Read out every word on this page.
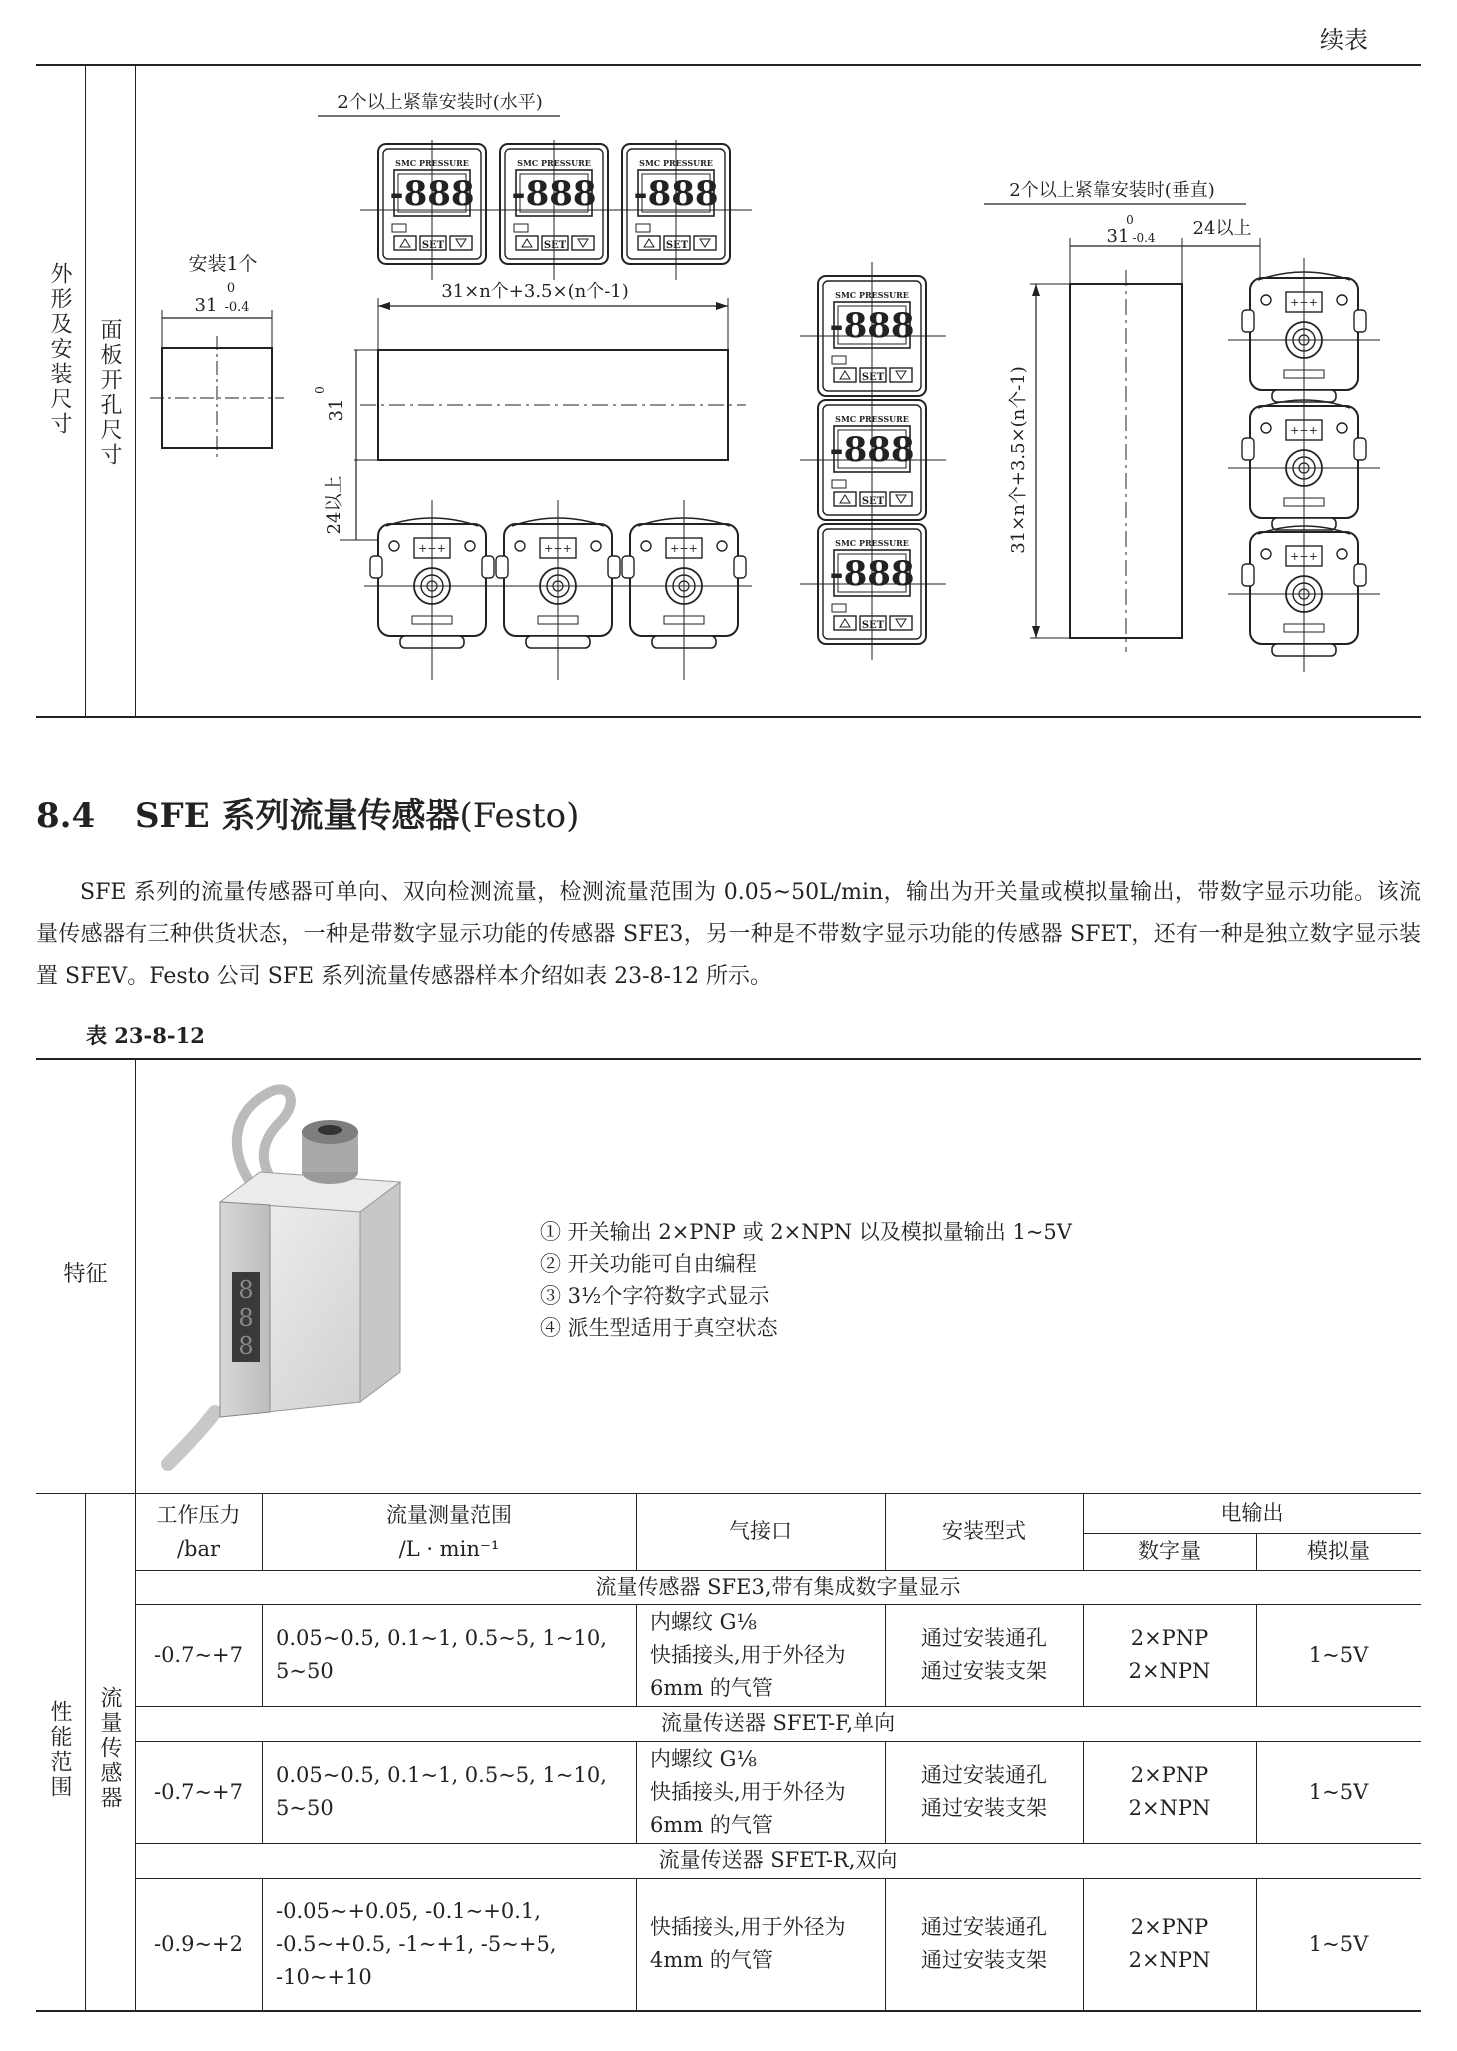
续表
外形及安装尺寸 面板开孔尺寸
安装1个
0
31 -0.4
2个以上紧靠安装时(水平)
31×n个+3.5×(n个-1)
31
0
24以上
2个以上紧靠安装时(垂直)
0
31 -0.4 24以上
31×n个+3.5×(n个-1)
8.4 SFE 系列流量传感器(Festo)
SFE 系列的流量传感器可单向、双向检测流量，检测流量范围为 0.05~50L/min，输出为开关量或模拟量输出，带数字显示功能。该流量传感器有三种供货状态，一种是带数字显示功能的传感器 SFE3，另一种是不带数字显示功能的传感器 SFET，还有一种是独立数字显示装置 SFEV。Festo 公司 SFE 系列流量传感器样本介绍如表 23-8-12 所示。
表 23-8-12
特征
8
8
8
① 开关输出 2×PNP 或 2×NPN 以及模拟量输出 1~5V
② 开关功能可自由编程
③ 3½个字符数字式显示
④ 派生型适用于真空状态
性能范围 流量传感器
工作压力
/bar
流量测量范围
/L · min⁻¹
气接口	安装型式
电输出
数字量	模拟量
流量传感器 SFE3,带有集成数字量显示
-0.7~+7
0.05~0.5, 0.1~1, 0.5~5, 1~10, 5~50
内螺纹 G⅛
快插接头,用于外径为 6mm 的气管
通过安装通孔
通过安装支架
2×PNP
2×NPN
1~5V
流量传送器 SFET-F,单向
-0.7~+7
0.05~0.5, 0.1~1, 0.5~5, 1~10, 5~50
内螺纹 G⅛
快插接头,用于外径为 6mm 的气管
通过安装通孔
通过安装支架
2×PNP
2×NPN
1~5V
流量传送器 SFET-R,双向
-0.9~+2
-0.05~+0.05, -0.1~+0.1, -0.5~+0.5, -1~+1, -5~+5, -10~+10
快插接头,用于外径为 4mm 的气管
通过安装通孔
通过安装支架
2×PNP
2×NPN
1~5V
